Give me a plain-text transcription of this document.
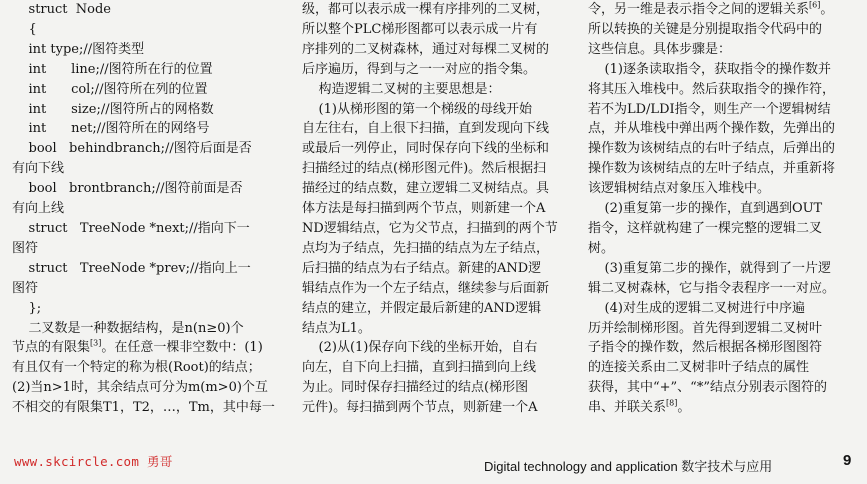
struct  Node
{
int type;//图符类型
int      line;//图符所在行的位置
int      col;//图符所在列的位置
int      size;//图符所占的网格数
int      net;//图符所在的网络号
bool   behindbranch;//图符后面是否
有向下线
bool   brontbranch;//图符前面是否
有向上线
struct   TreeNode *next;//指向下一
图符
struct   TreeNode *prev;//指向上一
图符
};
二叉数是一种数据结构，是n(n≥0)个
节点的有限集[3]。在任意一棵非空数中：(1)
有且仅有一个特定的称为根(Root)的结点；
(2)当n>1时，其余结点可分为m(m>0)个互
不相交的有限集T1，T2，…，Tm，其中每一
级，都可以表示成一棵有序排列的二叉树，
所以整个PLC梯形图都可以表示成一片有
序排列的二叉树森林，通过对每棵二叉树的
后序遍历，得到与之一一对应的指令集。
构造逻辑二叉树的主要思想是：
(1)从梯形图的第一个梯级的母线开始
自左往右，自上很下扫描，直到发现向下线
或最后一列停止，同时保存向下线的坐标和
扫描经过的结点(梯形图元件)。然后根据扫
描经过的结点数，建立逻辑二叉树结点。具
体方法是每扫描到两个节点，则新建一个A
ND逻辑结点，它为父节点，扫描到的两个节
点均为子结点，先扫描的结点为左子结点，
后扫描的结点为右子结点。新建的AND逻
辑结点作为一个左子结点，继续参与后面新
结点的建立，并假定最后新建的AND逻辑
结点为L1。
(2)从(1)保存向下线的坐标开始，自右
向左，自下向上扫描，直到扫描到向上线
为止。同时保存扫描经过的结点(梯形图
元件)。每扫描到两个节点，则新建一个A
令，另一维是表示指令之间的逻辑关系[6]。
所以转换的关键是分别提取指令代码中的
这些信息。具体步骤是：
(1)逐条读取指令，获取指令的操作数并
将其压入堆栈中。然后获取指令的操作符，
若不为LD/LDI指令，则生产一个逻辑树结
点，并从堆栈中弹出两个操作数，先弹出的
操作数为该树结点的右叶子结点，后弹出的
操作数为该树结点的左叶子结点，并重新将
该逻辑树结点对象压入堆栈中。
(2)重复第一步的操作，直到遇到OUT
指令，这样就构建了一棵完整的逻辑二叉
树。
(3)重复第二步的操作，就得到了一片逻
辑二叉树森林，它与指令表程序一一对应。
(4)对生成的逻辑二叉树进行中序遍
历并绘制梯形图。首先得到逻辑二叉树叶
子指令的操作数，然后根据各梯形图图符
的连接关系由二叉树非叶子结点的属性
获得，其中“+”、“*”结点分别表示图符的
串、并联关系[8]。
www.skcircle.com 勇哥	Digital technology and application 数字技术与应用	9
